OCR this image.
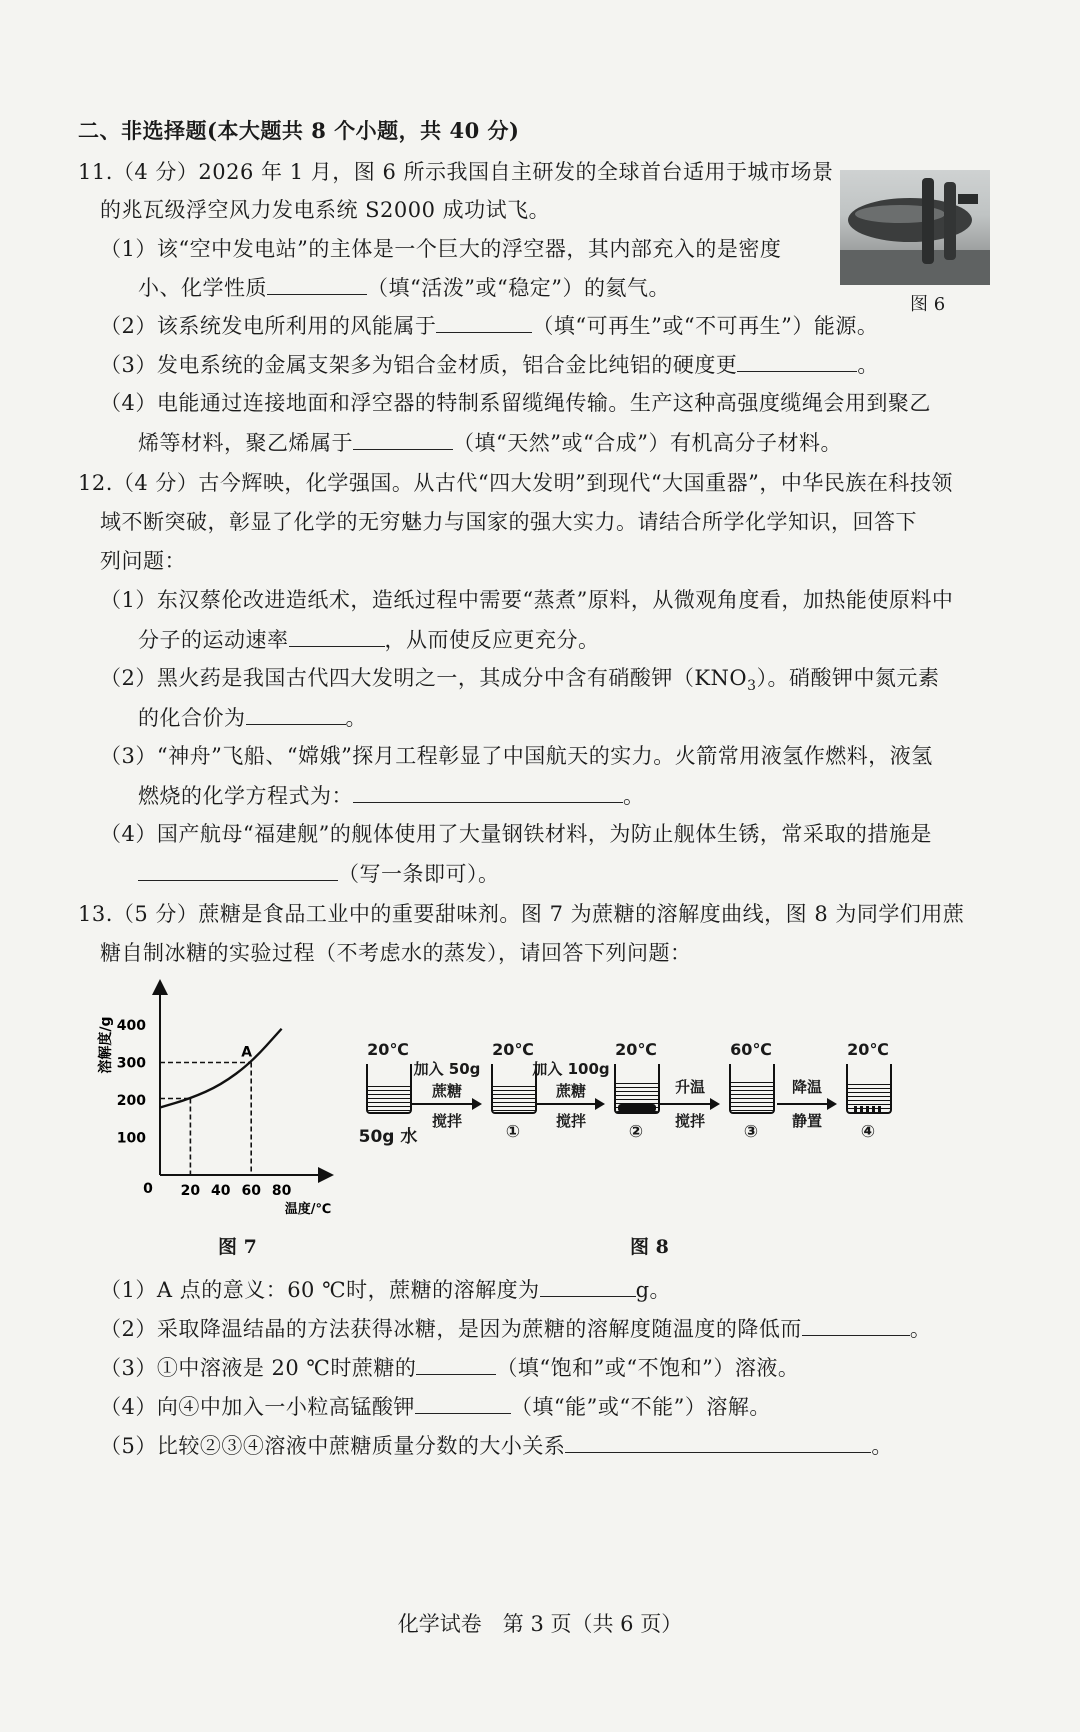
二、非选择题(本大题共 8 个小题，共 40 分)
11.（4 分）2026 年 1 月，图 6 所示我国自主研发的全球首台适用于城市场景
的兆瓦级浮空风力发电系统 S2000 成功试飞。
（1）该“空中发电站”的主体是一个巨大的浮空器，其内部充入的是密度
小、化学性质	（填“活泼”或“稳定”）的氦气。
图 6
（2）该系统发电所利用的风能属于	（填“可再生”或“不可再生”）能源。
（3）发电系统的金属支架多为铝合金材质，铝合金比纯铝的硬度更	。
（4）电能通过连接地面和浮空器的特制系留缆绳传输。生产这种高强度缆绳会用到聚乙
烯等材料，聚乙烯属于	（填“天然”或“合成”）有机高分子材料。
12.（4 分）古今辉映，化学强国。从古代“四大发明”到现代“大国重器”，中华民族在科技领
域不断突破，彰显了化学的无穷魅力与国家的强大实力。请结合所学化学知识，回答下
列问题：
（1）东汉蔡伦改进造纸术，造纸过程中需要“蒸煮”原料，从微观角度看，加热能使原料中
分子的运动速率	，从而使反应更充分。
（2）黑火药是我国古代四大发明之一，其成分中含有硝酸钾$(KNO_3)$。硝酸钾中氮元素
的化合价为	。
（3）“神舟”飞船、“嫦娥”探月工程彰显了中国航天的实力。火箭常用液氢作燃料，液氢
燃烧的化学方程式为：	。
（4）国产航母“福建舰”的舰体使用了大量钢铁材料，为防止舰体生锈，常采取的措施是
（写一条即可）。
13.（5 分）蔗糖是食品工业中的重要甜味剂。图 7 为蔗糖的溶解度曲线，图 8 为同学们用蔗
糖自制冰糖的实验过程（不考虑水的蒸发），请回答下列问题：
溶解度/g
温度/℃
0
100
200
300
400
20 40 60 80
A
图 7
20℃
50g 水
20℃
①
20℃
②
60℃
③
20℃
④
加入 50g
蔗糖
搅拌
加入 100g
蔗糖
搅拌
升温
搅拌
降温
静置
图 8
（1）A 点的意义：60 ℃时，蔗糖的溶解度为	g。
（2）采取降温结晶的方法获得冰糖，是因为蔗糖的溶解度随温度的降低而	。
（3）①中溶液是 20 ℃时蔗糖的	（填“饱和”或“不饱和”）溶液。
（4）向④中加入一小粒高锰酸钾	（填“能”或“不能”）溶解。
（5）比较②③④溶液中蔗糖质量分数的大小关系	。
化学试卷　第 3 页（共 6 页）
